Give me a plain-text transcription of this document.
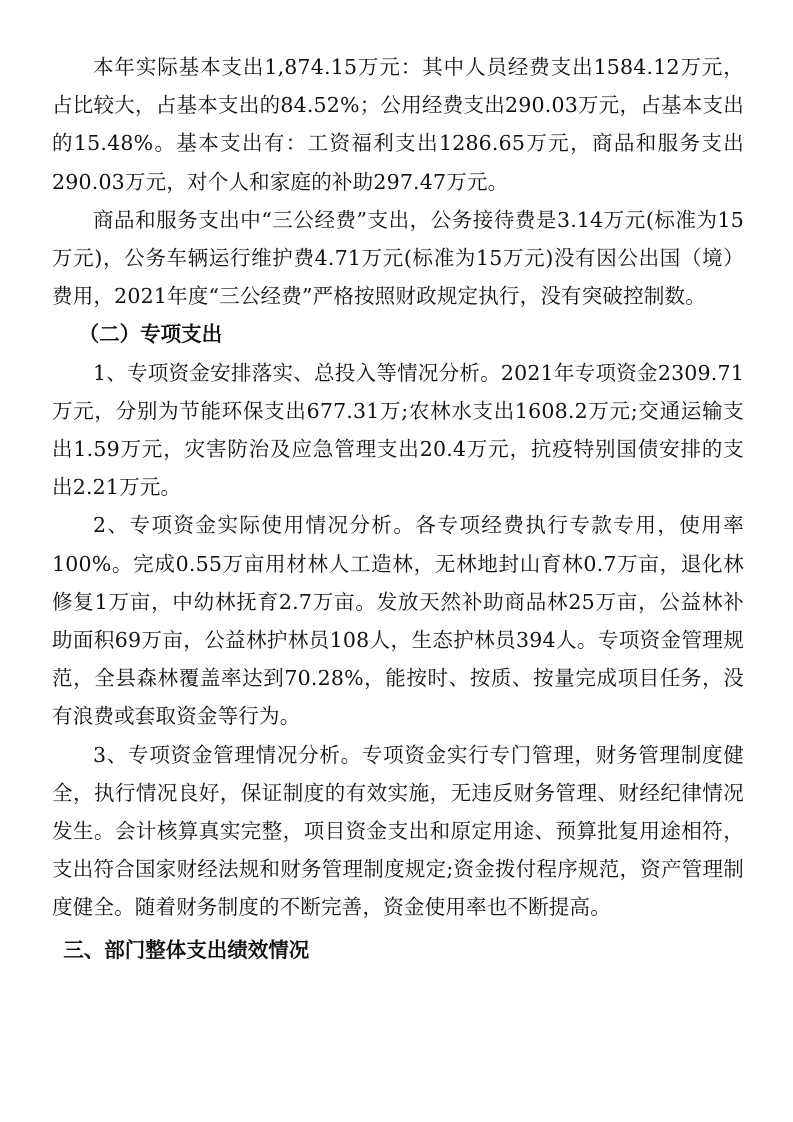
本年实际基本支出1,874.15万元：其中人员经费支出1584.12万元，占比较大，占基本支出的84.52%；公用经费支出290.03万元，占基本支出的15.48%。基本支出有：工资福利支出1286.65万元，商品和服务支出290.03万元，对个人和家庭的补助297.47万元。

商品和服务支出中“三公经费”支出，公务接待费是3.14万元(标准为15万元)，公务车辆运行维护费4.71万元(标准为15万元)没有因公出国（境）费用，2021年度“三公经费”严格按照财政规定执行，没有突破控制数。

（二）专项支出

1、专项资金安排落实、总投入等情况分析。2021年专项资金2309.71万元，分别为节能环保支出677.31万;农林水支出1608.2万元;交通运输支出1.59万元，灾害防治及应急管理支出20.4万元，抗疫特别国债安排的支出2.21万元。

2、专项资金实际使用情况分析。各专项经费执行专款专用，使用率100%。完成0.55万亩用材林人工造林，无林地封山育林0.7万亩，退化林修复1万亩，中幼林抚育2.7万亩。发放天然补助商品林25万亩，公益林补助面积69万亩，公益林护林员108人，生态护林员394人。专项资金管理规范，全县森林覆盖率达到70.28%，能按时、按质、按量完成项目任务，没有浪费或套取资金等行为。

3、专项资金管理情况分析。专项资金实行专门管理，财务管理制度健全，执行情况良好，保证制度的有效实施，无违反财务管理、财经纪律情况发生。会计核算真实完整，项目资金支出和原定用途、预算批复用途相符，支出符合国家财经法规和财务管理制度规定;资金拨付程序规范，资产管理制度健全。随着财务制度的不断完善，资金使用率也不断提高。

三、部门整体支出绩效情况
